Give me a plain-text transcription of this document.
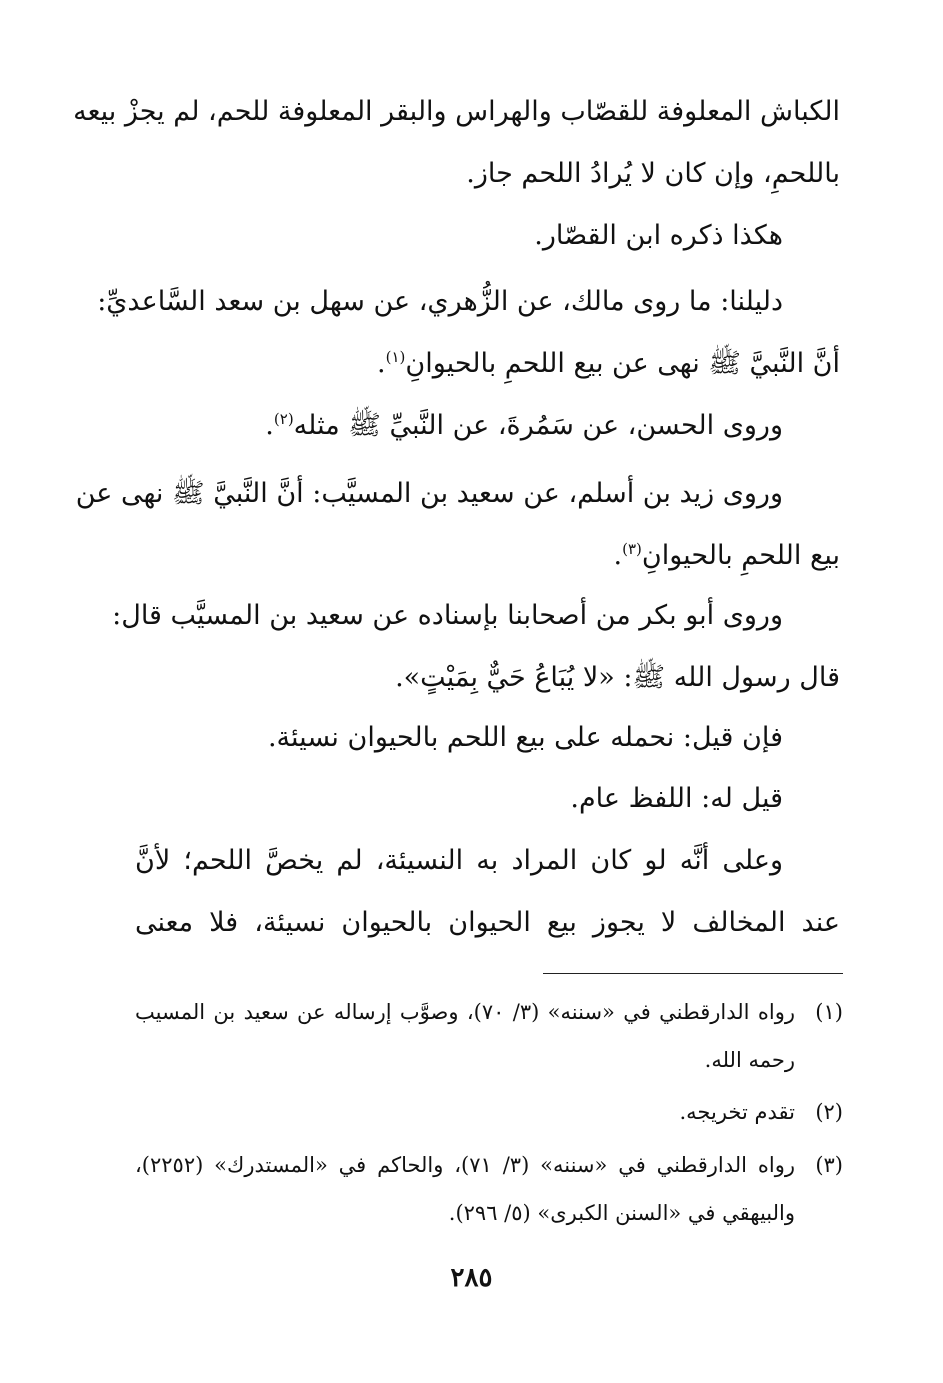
الكباش المعلوفة للقصّاب والهراس والبقر المعلوفة للحم، لم يجزْ بيعه
باللحمِ، وإن كان لا يُرادُ اللحم جاز.
هكذا ذكره ابن القصّار.
دليلنا: ما روى مالك، عن الزُّهري، عن سهل بن سعد السَّاعديِّ:
أنَّ النَّبيَّ ﷺ نهى عن بيع اللحمِ بالحيوانِ$^{(١)}$.
وروى الحسن، عن سَمُرةَ، عن النَّبيِّ ﷺ مثله$^{(٢)}$.
وروى زيد بن أسلم، عن سعيد بن المسيَّب: أنَّ النَّبيَّ ﷺ نهى عن
بيع اللحمِ بالحيوانِ$^{(٣)}$.
وروى أبو بكر من أصحابنا بإسناده عن سعيد بن المسيَّب قال:
قال رسول الله ﷺ: «لا يُبَاعُ حَيٌّ بِمَيْتٍ».
فإن قيل: نحمله على بيع اللحم بالحيوان نسيئة.
قيل له: اللفظ عام.
وعلى أنَّه لو كان المراد به النسيئة، لم يخصَّ اللحم؛ لأنَّ
عند المخالف لا يجوز بيع الحيوان بالحيوان نسيئة، فلا معنى
(١)رواه الدارقطني في «سننه» (٣/ ٧٠)، وصوَّب إرساله عن سعيد بن المسيب
رحمه الله.
(٢)تقدم تخريجه.
(٣)رواه الدارقطني في «سننه» (٣/ ٧١)، والحاكم في «المستدرك» (٢٢٥٢)،
والبيهقي في «السنن الكبرى» (٥/ ٢٩٦).
٢٨٥
